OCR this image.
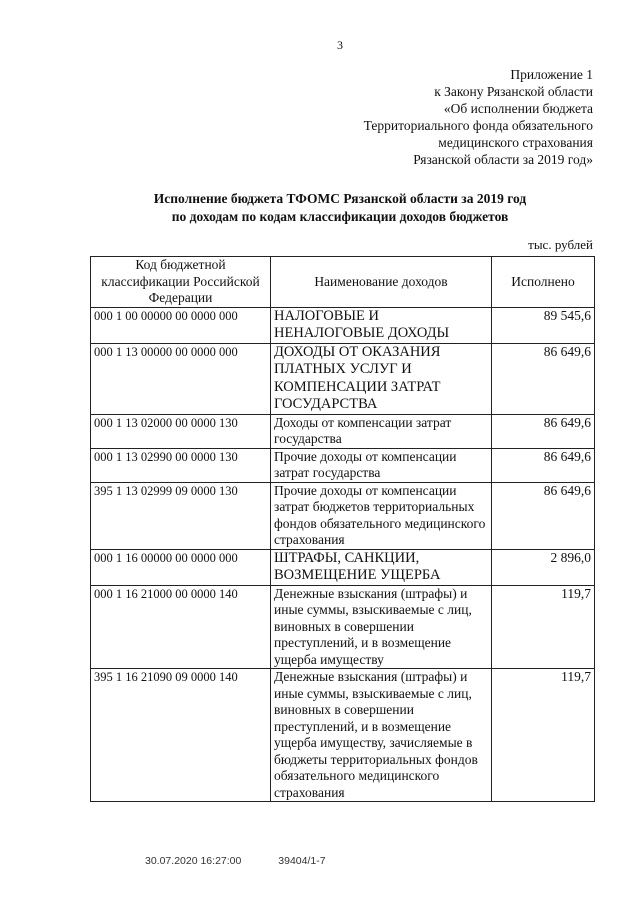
3
Приложение 1
к Закону Рязанской области
«Об исполнении бюджета
Территориального фонда обязательного
медицинского страхования
Рязанской области за 2019 год»
Исполнение бюджета ТФОМС Рязанской области за 2019 год
по доходам по кодам классификации доходов бюджетов
тыс. рублей
Код бюджетной классификации Российской Федерации	Наименование доходов	Исполнено
000 1 00 00000 00 0000 000	НАЛОГОВЫЕ И НЕНАЛОГОВЫЕ ДОХОДЫ	89 545,6
000 1 13 00000 00 0000 000	ДОХОДЫ ОТ ОКАЗАНИЯ ПЛАТНЫХ УСЛУГ И КОМПЕНСАЦИИ ЗАТРАТ ГОСУДАРСТВА	86 649,6
000 1 13 02000 00 0000 130	Доходы от компенсации затрат государства	86 649,6
000 1 13 02990 00 0000 130	Прочие доходы от компенсации затрат государства	86 649,6
395 1 13 02999 09 0000 130	Прочие доходы от компенсации затрат бюджетов территориальных фондов обязательного медицинского страхования	86 649,6
000 1 16 00000 00 0000 000	ШТРАФЫ, САНКЦИИ, ВОЗМЕЩЕНИЕ УЩЕРБА	2 896,0
000 1 16 21000 00 0000 140	Денежные взыскания (штрафы) и иные суммы, взыскиваемые с лиц, виновных в совершении преступлений, и в возмещение ущерба имуществу	119,7
395 1 16 21090 09 0000 140	Денежные взыскания (штрафы) и иные суммы, взыскиваемые с лиц, виновных в совершении преступлений, и в возмещение ущерба имуществу, зачисляемые в бюджеты территориальных фондов обязательного медицинского страхования	119,7
30.07.2020 16:27:00	39404/1-7
